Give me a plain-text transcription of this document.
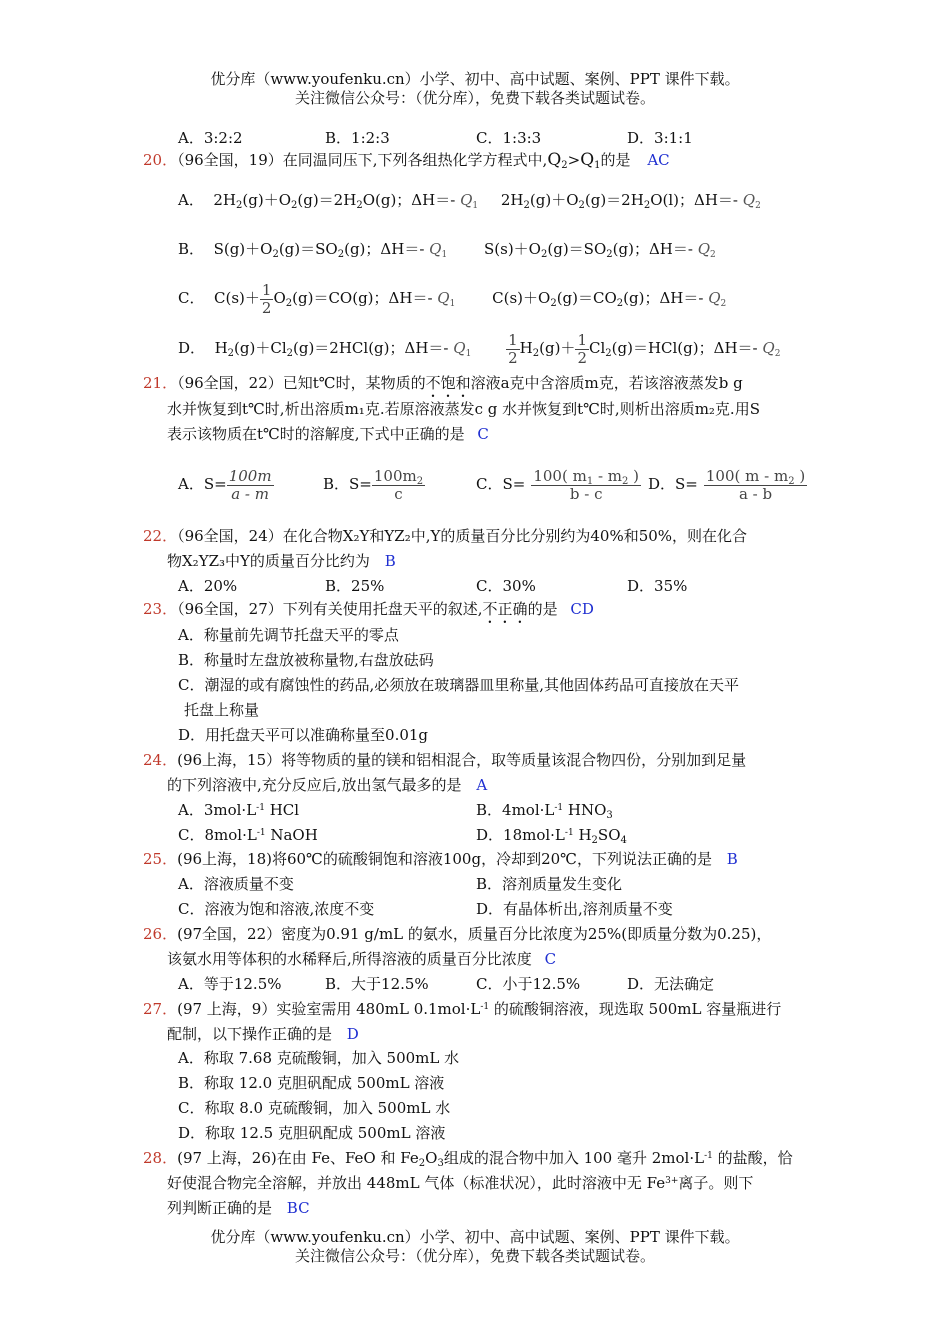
优分库（www.youfenku.cn）小学、初中、高中试题、案例、PPT 课件下载。
关注微信公众号：（优分库），免费下载各类试题试卷。
A．3:2:2	B．1:2:3	C．1:3:3	D．3:1:1
20．（96全国，19）在同温同压下,下列各组热化学方程式中$,Q_2>Q_1$的是 AC
A．  $2H_2(g)+O_2(g)=2H_2O(g)$；ΔH＝- $Q_1$ $2H_2(g)+O_2(g)=2H_2O(l)$；ΔH＝- $Q_2$
B．  $S(g)+O_2(g)=SO_2(g)$；ΔH＝- $Q_1$ $S(s)+O_2(g)=SO_2(g)$；ΔH＝- $Q_2$
C．  $C(s)+ \frac{1}{2} O_2(g)=CO(g)$；ΔH＝- $Q_1$ $C(s)+O_2(g)=CO_2(g)$；ΔH＝- $Q_2$
D．  $H_2(g)+Cl_2(g)=2HCl(g)$；ΔH＝- $Q_1 \frac{1}{2} H_2(g)+ \frac{1}{2} Cl_2(g)=HCl(g)$；ΔH＝- $Q_2$
21．（96全国，22）已知t℃时，某物质的不饱和溶液a克中含溶质m克，若该溶液蒸发b g
水并恢复到t℃时,析出溶质m₁克.若原溶液蒸发c g 水并恢复到t℃时,则析出溶质m₂克.用S
表示该物质在t℃时的溶解度,下式中正确的是 C
A．$S= \frac{100m}{a - m}$	B．$S= \frac{100m_2}{c}$	C．$S= \frac{100( m_1 - m_2 )}{b - c}$ D．$S= \frac{100( m - m_2 )}{a - b}$
22．（96全国，24）在化合物X₂Y和YZ₂中,Y的质量百分比分别约为40%和50%，则在化合
物X₂YZ₃中Y的质量百分比约为 B
A．20%	B．25%	C．30%	D．35%
23．（96全国，27）下列有关使用托盘天平的叙述,不正确的是 CD
A．称量前先调节托盘天平的零点
B．称量时左盘放被称量物,右盘放砝码
C．潮湿的或有腐蚀性的药品,必须放在玻璃器皿里称量,其他固体药品可直接放在天平
托盘上称量
D．用托盘天平可以准确称量至0.01g
24．(96上海，15）将等物质的量的镁和铝相混合，取等质量该混合物四份，分别加到足量
的下列溶液中,充分反应后,放出氢气最多的是 A
A．$3mol\cdot L^{-1}$ HCl	B．$4mol\cdot L^{-1}$ $HNO_3$
C．$8mol\cdot L^{-1}$ NaOH	D．$18mol\cdot L^{-1}$ $H_2SO_4$
25．(96上海，18)将60℃的硫酸铜饱和溶液100g，冷却到20℃，下列说法正确的是 B
A．溶液质量不变	B．溶剂质量发生变化
C．溶液为饱和溶液,浓度不变	D．有晶体析出,溶剂质量不变
26．(97全国，22）密度为0.91 g/mL 的氨水，质量百分比浓度为25%(即质量分数为0.25)，
该氨水用等体积的水稀释后,所得溶液的质量百分比浓度 C
A．等于12.5%	B．大于12.5%	C．小于12.5%	D．无法确定
27．(97 上海，9）实验室需用 480mL $0.1mol\cdot L^{-1}$ 的硫酸铜溶液，现选取 500mL 容量瓶进行
配制，以下操作正确的是 D
A．称取 7.68 克硫酸铜，加入 500mL 水
B．称取 12.0 克胆矾配成 500mL 溶液
C．称取 8.0 克硫酸铜，加入 500mL 水
D．称取 12.5 克胆矾配成 500mL 溶液
28．(97 上海，26)在由 Fe、FeO 和 $Fe_2O_3$组成的混合物中加入 100 毫升 $2mol\cdot L^{-1}$ 的盐酸，恰
好使混合物完全溶解，并放出 448mL 气体（标准状况），此时溶液中无 $Fe^{3+}$离子。则下
列判断正确的是 BC
优分库（www.youfenku.cn）小学、初中、高中试题、案例、PPT 课件下载。
关注微信公众号：（优分库），免费下载各类试题试卷。
